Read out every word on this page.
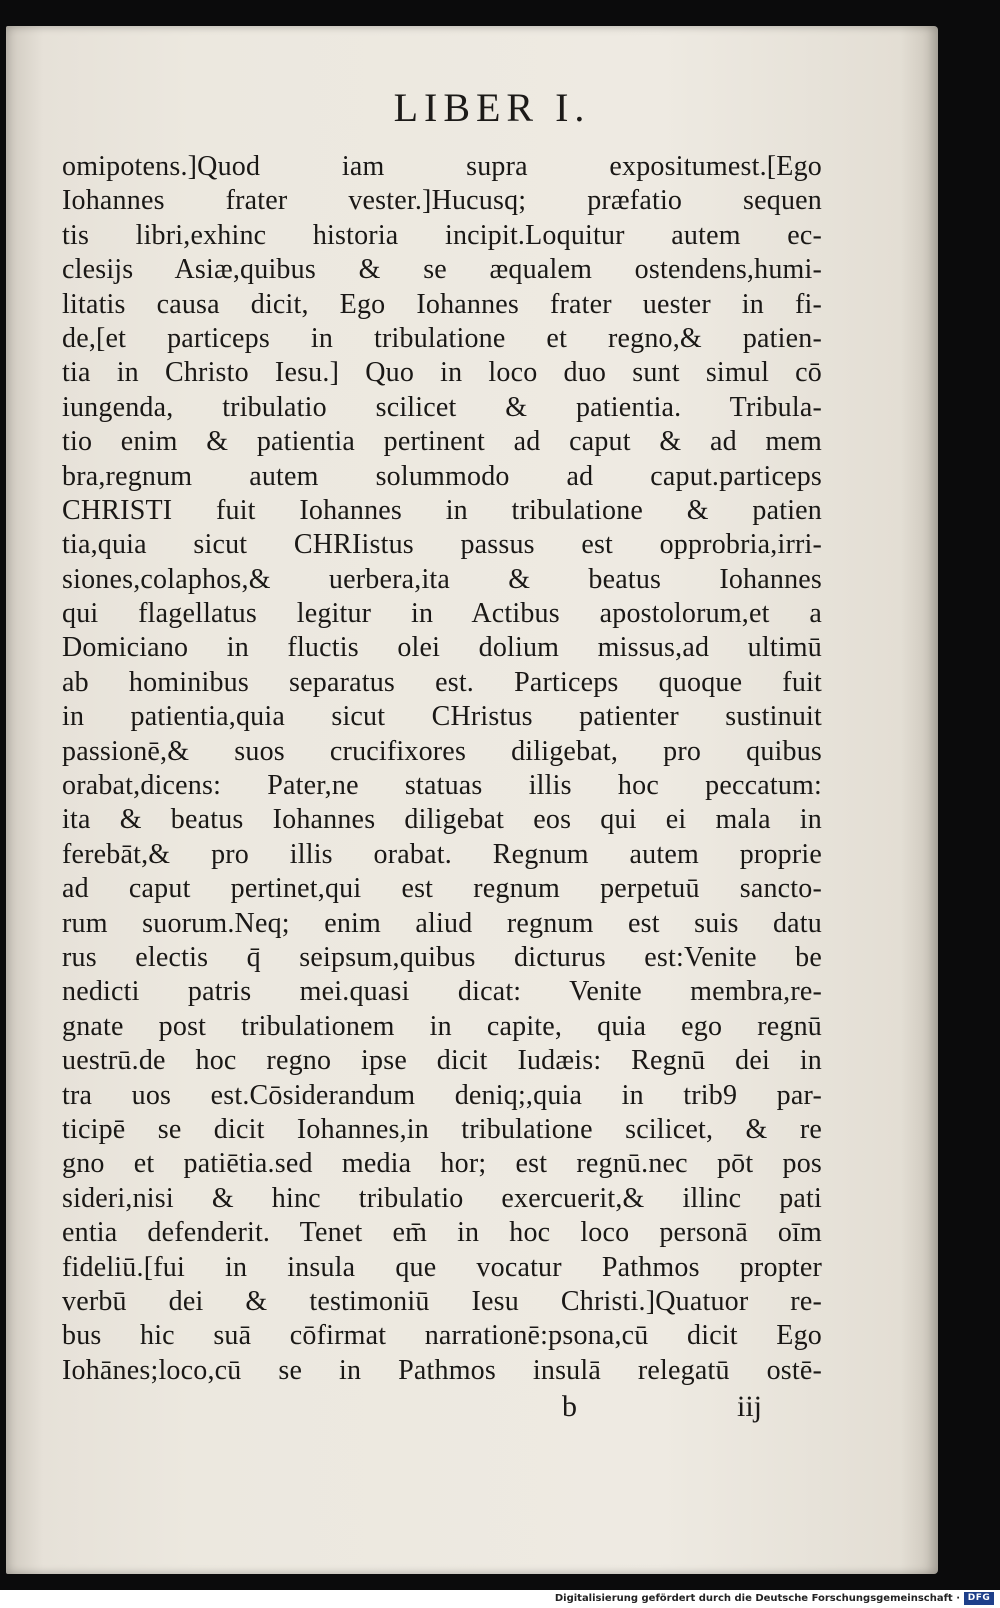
LIBER I.
omipotens.]Quod iam supra expositumest.[Ego
Iohannes frater vester.]Hucusq; præfatio sequen
tis libri,exhinc historia incipit.Loquitur autem ec-
clesijs Asiæ,quibus & se æqualem ostendens,humi-
litatis causa dicit, Ego Iohannes frater uester in fi-
de,[et particeps in tribulatione et regno,& patien-
tia in Christo Iesu.] Quo in loco duo sunt simul cō
iungenda, tribulatio scilicet & patientia. Tribula-
tio enim & patientia pertinent ad caput & ad mem
bra,regnum autem solummodo ad caput.particeps
CHRISTI fuit Iohannes in tribulatione & patien
tia,quia sicut CHRIistus passus est opprobria,irri-
siones,colaphos,& uerbera,ita & beatus Iohannes
qui flagellatus legitur in Actibus apostolorum,et a
Domiciano in fluctis olei dolium missus,ad ultimū
ab hominibus separatus est. Particeps quoque fuit
in patientia,quia sicut CHristus patienter sustinuit
passionē,& suos crucifixores diligebat, pro quibus
orabat,dicens: Pater,ne statuas illis hoc peccatum:
ita & beatus Iohannes diligebat eos qui ei mala in
ferebāt,& pro illis orabat. Regnum autem proprie
ad caput pertinet,qui est regnum perpetuū sancto-
rum suorum.Neq; enim aliud regnum est suis datu
rus electis q̄ seipsum,quibus dicturus est:Venite be
nedicti patris mei.quasi dicat: Venite membra,re-
gnate post tribulationem in capite, quia ego regnū
uestrū.de hoc regno ipse dicit Iudæis: Regnū dei in
tra uos est.Cōsiderandum deniq;,quia in trib9 par-
ticipē se dicit Iohannes,in tribulatione scilicet, & re
gno et patiētia.sed media hor; est regnū.nec pōt pos
sideri,nisi & hinc tribulatio exercuerit,& illinc pati
entia defenderit. Tenet em̄ in hoc loco personā oīm
fideliū.[fui in insula que vocatur Pathmos propter
verbū dei & testimoniū Iesu Christi.]Quatuor re-
bus hic suā cōfirmat narrationē:psona,cū dicit Ego
Iohānes;loco,cū se in Pathmos insulā relegatū ostē-
b	iij
Digitalisierung gefördert durch die Deutsche Forschungsgemeinschaft · DFG
